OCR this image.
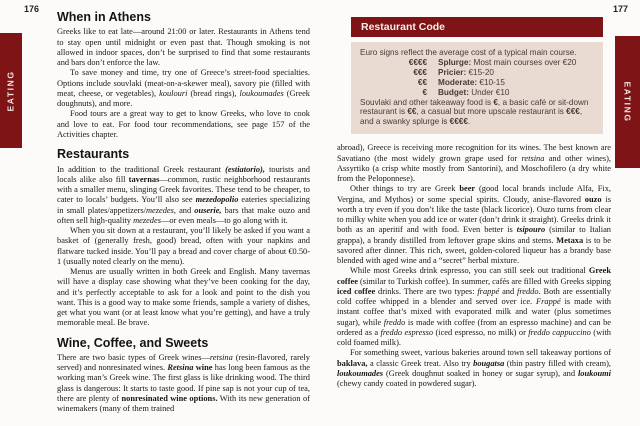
176
EATING
When in Athens

Greeks like to eat late—around 21:00 or later. Restaurants in Athens tend to stay open until midnight or even past that. Though smoking is not allowed in indoor spaces, don’t be surprised to find that some restaurants and bars don’t enforce the law.

To save money and time, try one of Greece’s street-food specialties. Options include souvlaki (meat-on-a-skewer meal), savory pie (filled with meat, cheese, or vegetables), koulouri (bread rings), loukoumades (Greek doughnuts), and more.

Food tours are a great way to get to know Greeks, who love to cook and love to eat. For food tour recommendations, see page 157 of the Activities chapter.

Restaurants

In addition to the traditional Greek restaurant (estiatorio), tourists and locals alike also fill tavernas—common, rustic neighborhood restaurants with a smaller menu, slinging Greek favorites. These tend to be cheaper, to cater to locals’ budgets. You’ll also see mezedopolio eateries specializing in small plates/appetizers/mezedes, and ouserie, bars that make ouzo and often sell high-quality mezedes—or even meals—to go along with it.

When you sit down at a restaurant, you’ll likely be asked if you want a basket of (generally fresh, good) bread, often with your napkins and flatware tucked inside. You’ll pay a bread and cover charge of about €0.50-1 (usually noted clearly on the menu).

Menus are usually written in both Greek and English. Many tavernas will have a display case showing what they’ve been cooking for the day, and it’s perfectly acceptable to ask for a look and point to the dish you want. This is a good way to make some friends, sample a variety of dishes, get what you want (or at least know what you’re getting), and have a truly memorable meal. Be brave.

Wine, Coffee, and Sweets

There are two basic types of Greek wines—retsina (resin-flavored, rarely served) and nonresinated wines. Retsina wine has long been famous as the working man’s Greek wine. The first glass is like drinking wood. The third glass is dangerous: It starts to taste good. If pine sap is not your cup of tea, there are plenty of nonresinated wine options. With its new generation of winemakers (many of them trained

177
EATING
Restaurant Code

Euro signs reflect the average cost of a typical main course.

€€€€	Splurge: Most main courses over €20
€€€	Pricier: €15-20
€€	Moderate: €10-15
€	Budget: Under €10
Souvlaki and other takeaway food is €, a basic café or sit-down restaurant is €€, a casual but more upscale restaurant is €€€, and a swanky splurge is €€€€.

abroad), Greece is receiving more recognition for its wines. The best known are Savatiano (the most widely grown grape used for retsina and other wines), Assyrtiko (a crisp white mostly from Santorini), and Moschofilero (a dry white from the Peloponnese).

Other things to try are Greek beer (good local brands include Alfa, Fix, Vergina, and Mythos) or some special spirits. Cloudy, anise-flavored ouzo is worth a try even if you don’t like the taste (black licorice). Ouzo turns from clear to milky white when you add ice or water (don’t drink it straight). Greeks drink it both as an aperitif and with food. Even better is tsipouro (similar to Italian grappa), a brandy distilled from leftover grape skins and stems. Metaxa is to be savored after dinner. This rich, sweet, golden-colored liqueur has a brandy base blended with aged wine and a “secret” herbal mixture.

While most Greeks drink espresso, you can still seek out traditional Greek coffee (similar to Turkish coffee). In summer, cafés are filled with Greeks sipping iced coffee drinks. There are two types: frappé and freddo. Both are essentially cold coffee whipped in a blender and served over ice. Frappé is made with instant coffee that’s mixed with evaporated milk and water (plus sometimes sugar), while freddo is made with coffee (from an espresso machine) and can be ordered as a freddo espresso (iced espresso, no milk) or freddo cappuccino (with cold foamed milk).

For something sweet, various bakeries around town sell takeaway portions of baklava, a classic Greek treat. Also try bougatsa (thin pastry filled with cream), loukoumades (Greek doughnut soaked in honey or sugar syrup), and loukoumi (chewy candy coated in powdered sugar).
